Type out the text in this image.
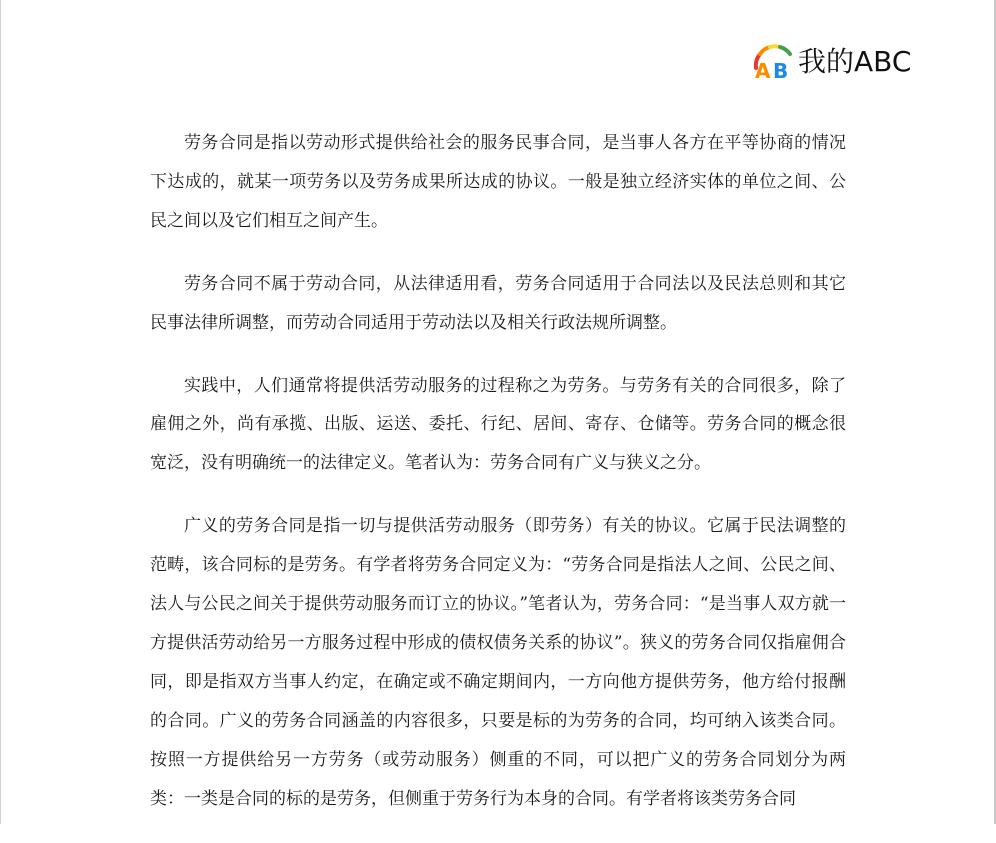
A B 我的ABC

劳务合同是指以劳动形式提供给社会的服务民事合同，是当事人各方在平等协商的情况下达成的，就某一项劳务以及劳务成果所达成的协议。一般是独立经济实体的单位之间、公民之间以及它们相互之间产生。

劳务合同不属于劳动合同，从法律适用看，劳务合同适用于合同法以及民法总则和其它民事法律所调整，而劳动合同适用于劳动法以及相关行政法规所调整。

实践中，人们通常将提供活劳动服务的过程称之为劳务。与劳务有关的合同很多，除了雇佣之外，尚有承揽、出版、运送、委托、行纪、居间、寄存、仓储等。劳务合同的概念很宽泛，没有明确统一的法律定义。笔者认为：劳务合同有广义与狭义之分。

广义的劳务合同是指一切与提供活劳动服务（即劳务）有关的协议。它属于民法调整的范畴，该合同标的是劳务。有学者将劳务合同定义为：“劳务合同是指法人之间、公民之间、法人与公民之间关于提供劳动服务而订立的协议。”笔者认为，劳务合同：“是当事人双方就一方提供活劳动给另一方服务过程中形成的债权债务关系的协议”。狭义的劳务合同仅指雇佣合同，即是指双方当事人约定，在确定或不确定期间内，一方向他方提供劳务，他方给付报酬的合同。广义的劳务合同涵盖的内容很多，只要是标的为劳务的合同，均可纳入该类合同。按照一方提供给另一方劳务（或劳动服务）侧重的不同，可以把广义的劳务合同划分为两类：一类是合同的标的是劳务，但侧重于劳务行为本身的合同。有学者将该类劳务合同
